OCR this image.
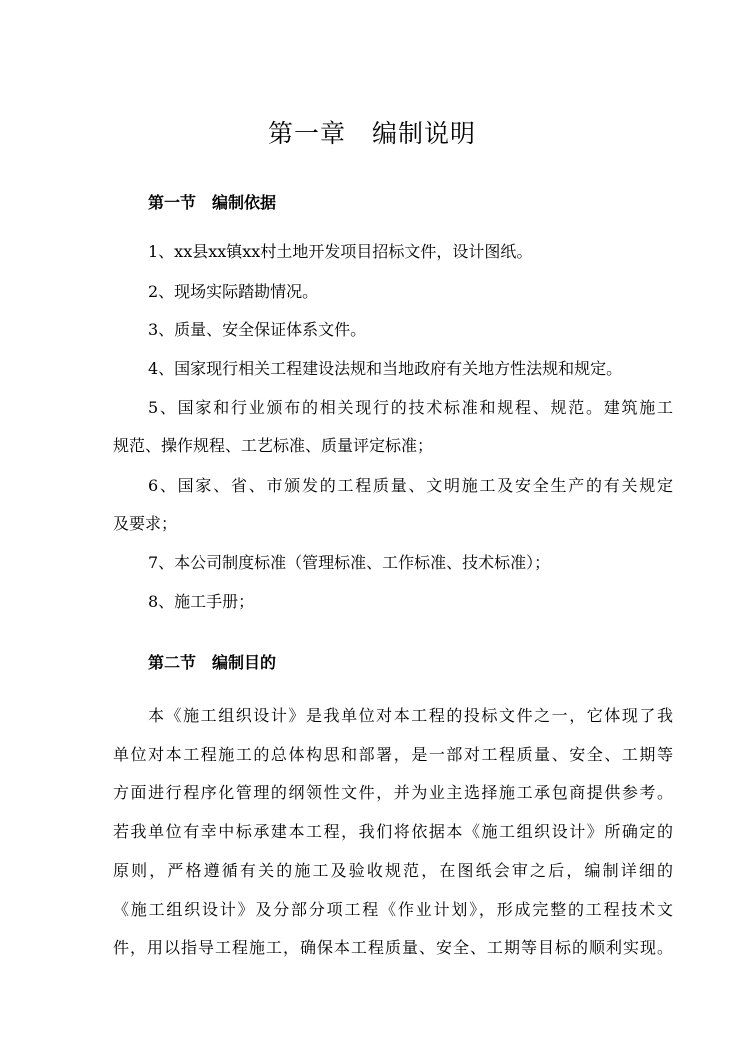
第一章　编制说明
第一节　编制依据

1、xx县xx镇xx村土地开发项目招标文件，设计图纸。

2、现场实际踏勘情况。

3、质量、安全保证体系文件。

4、国家现行相关工程建设法规和当地政府有关地方性法规和规定。

5、国家和行业颁布的相关现行的技术标准和规程、规范。建筑施工

规范、操作规程、工艺标准、质量评定标准；

6、国家、省、市颁发的工程质量、文明施工及安全生产的有关规定

及要求；

7、本公司制度标准（管理标准、工作标准、技术标准）；

8、施工手册；

第二节　编制目的

本《施工组织设计》是我单位对本工程的投标文件之一，它体现了我

单位对本工程施工的总体构思和部署，是一部对工程质量、安全、工期等

方面进行程序化管理的纲领性文件，并为业主选择施工承包商提供参考。

若我单位有幸中标承建本工程，我们将依据本《施工组织设计》所确定的

原则，严格遵循有关的施工及验收规范，在图纸会审之后，编制详细的

《施工组织设计》及分部分项工程《作业计划》，形成完整的工程技术文

件，用以指导工程施工，确保本工程质量、安全、工期等目标的顺利实现。
